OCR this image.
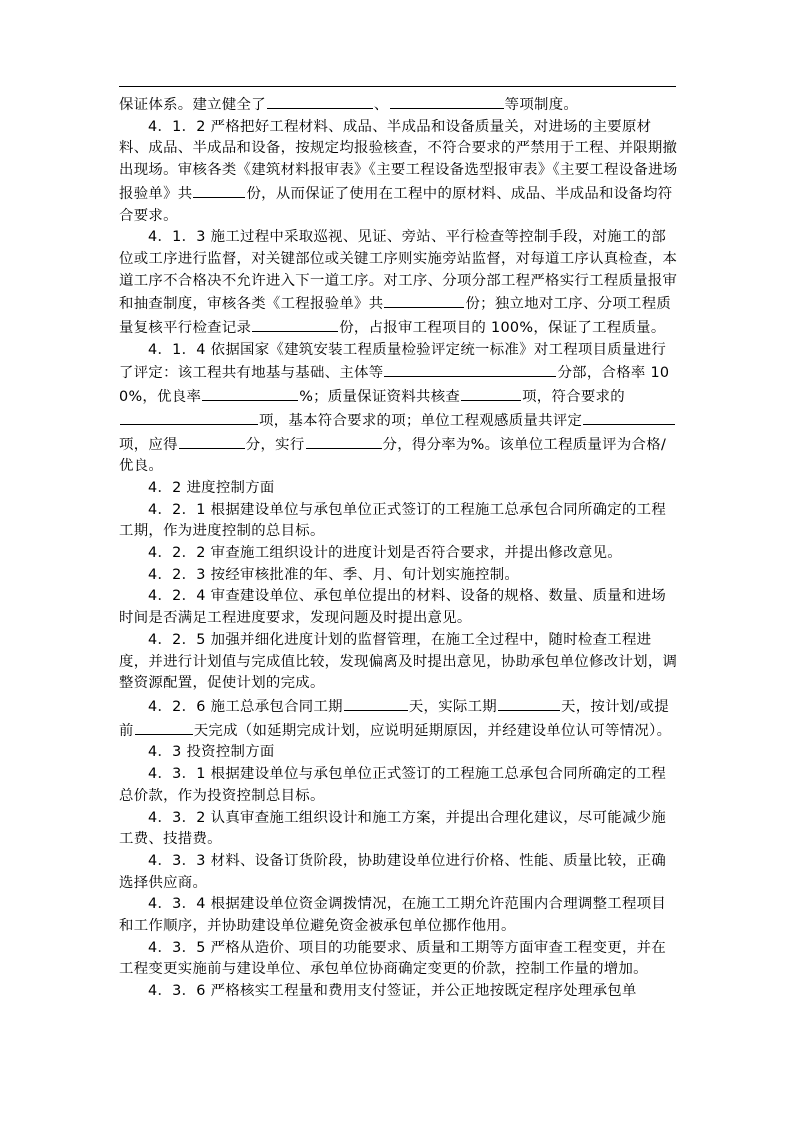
保证体系。建立健全了	、	等项制度。

4．1．2 严格把好工程材料、成品、半成品和设备质量关，对进场的主要原材料、成品、半成品和设备，按规定均报验核查，不符合要求的严禁用于工程、并限期撤出现场。审核各类《建筑材料报审表》《主要工程设备选型报审表》《主要工程设备进场报验单》共	份，从而保证了使用在工程中的原材料、成品、半成品和设备均符合要求。

4．1．3 施工过程中采取巡视、见证、旁站、平行检查等控制手段，对施工的部位或工序进行监督，对关键部位或关键工序则实施旁站监督，对每道工序认真检查，本道工序不合格决不允许进入下一道工序。对工序、分项分部工程严格实行工程质量报审和抽查制度，审核各类《工程报验单》共	份；独立地对工序、分项工程质量复核平行检查记录	份，占报审工程项目的 100%，保证了工程质量。

4．1．4 依据国家《建筑安装工程质量检验评定统一标准》对工程项目质量进行了评定：该工程共有地基与基础、主体等	分部，合格率 100%，优良率	%；质量保证资料共核查	项，符合要求的项，基本符合要求的项；单位工程观感质量共评定项，应得	分，实行	分，得分率为%。该单位工程质量评为合格/优良。

4．2 进度控制方面

4．2．1 根据建设单位与承包单位正式签订的工程施工总承包合同所确定的工程工期，作为进度控制的总目标。

4．2．2 审查施工组织设计的进度计划是否符合要求，并提出修改意见。

4．2．3 按经审核批准的年、季、月、旬计划实施控制。

4．2．4 审查建设单位、承包单位提出的材料、设备的规格、数量、质量和进场时间是否满足工程进度要求，发现问题及时提出意见。

4．2．5 加强并细化进度计划的监督管理，在施工全过程中，随时检查工程进度，并进行计划值与完成值比较，发现偏离及时提出意见，协助承包单位修改计划，调整资源配置，促使计划的完成。

4．2．6 施工总承包合同工期	天，实际工期	天，按计划/或提前	天完成（如延期完成计划，应说明延期原因，并经建设单位认可等情况）。

4．3 投资控制方面

4．3．1 根据建设单位与承包单位正式签订的工程施工总承包合同所确定的工程总价款，作为投资控制总目标。

4．3．2 认真审查施工组织设计和施工方案，并提出合理化建议，尽可能减少施工费、技措费。

4．3．3 材料、设备订货阶段，协助建设单位进行价格、性能、质量比较，正确选择供应商。

4．3．4 根据建设单位资金调拨情况，在施工工期允许范围内合理调整工程项目和工作顺序，并协助建设单位避免资金被承包单位挪作他用。

4．3．5 严格从造价、项目的功能要求、质量和工期等方面审查工程变更，并在工程变更实施前与建设单位、承包单位协商确定变更的价款，控制工作量的增加。

4．3．6 严格核实工程量和费用支付签证，并公正地按既定程序处理承包单
